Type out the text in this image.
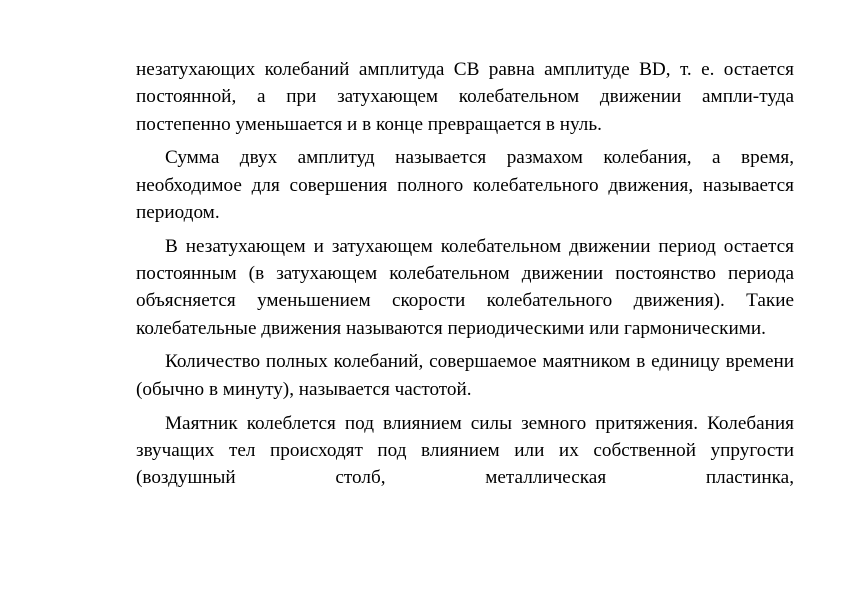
незатухающих колебаний амплитуда СВ равна амплитуде BD, т. е. остается постоянной, а при затухающем колебательном движении ампли-туда постепенно уменьшается и в конце превращается в нуль.

Сумма двух амплитуд называется размахом колебания, а время, необходимое для совершения полного колебательного движения, называется периодом.

В незатухающем и затухающем колебательном движении период остается постоянным (в затухающем колебательном движении постоянство периода объясняется уменьшением скорости колебательного движения). Такие колебательные движения называются периодическими или гармоническими.

Количество полных колебаний, совершаемое маятником в единицу времени (обычно в минуту), называется частотой.

Маятник колеблется под влиянием силы земного притяжения. Колебания звучащих тел происходят под влиянием или их собственной упругости (воздушный столб, металлическая пластинка,
